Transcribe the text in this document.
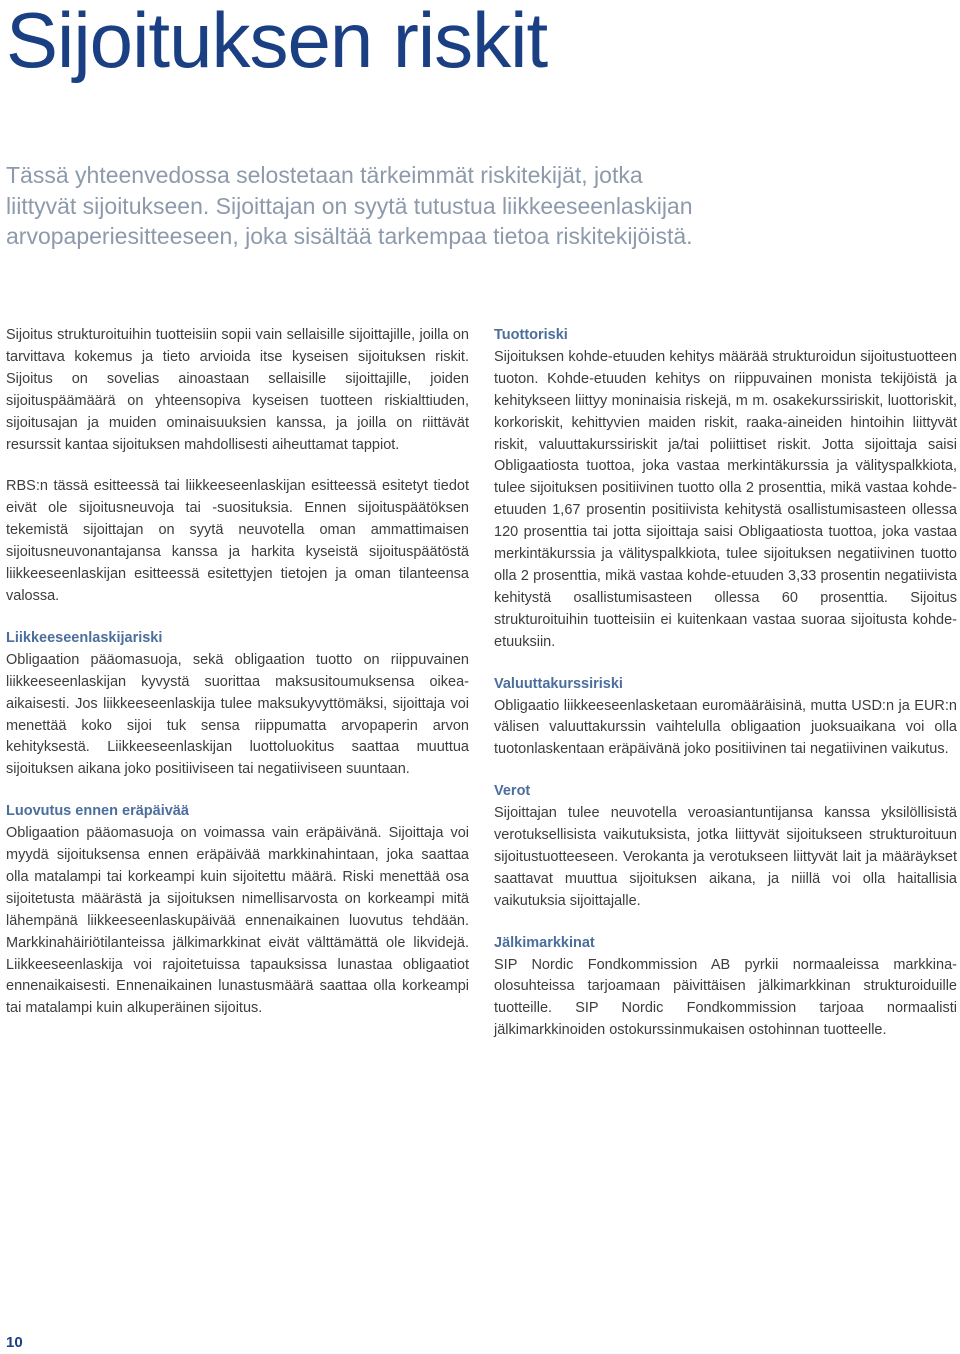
Sijoituksen riskit
Tässä yhteenvedossa selostetaan tärkeimmät riskitekijät, jotka
liittyvät sijoitukseen. Sijoittajan on syytä tutustua liikkeeseenlaskijan
arvopaperiesitteeseen, joka sisältää tarkempaa tietoa riskitekijöistä.

Sijoitus strukturoituihin tuotteisiin sopii vain sellaisille sijoittajille, joilla on tarvittava kokemus ja tieto arvioida itse kyseisen sijoituksen riskit. Sijoitus on sovelias ainoastaan sellaisille sijoittajille, joiden sijoituspäämäärä on yhteensopiva kyseisen tuotteen riskialttiuden, sijoitusajan ja muiden ominaisuuksien kanssa, ja joilla on riittävät resurssit kantaa sijoituksen mahdollisesti aiheuttamat tappiot.

RBS:n tässä esitteessä tai liikkeeseenlaskijan esitteessä esitetyt tiedot eivät ole sijoitusneuvoja tai -suosituksia. Ennen sijoituspäätöksen tekemistä sijoittajan on syytä neuvotella oman ammattimaisen sijoitusneuvonantajansa kanssa ja harkita kyseistä sijoituspäätöstä liikkeeseenlaskijan esitteessä esitettyjen tietojen ja oman tilanteensa valossa.

Liikkeeseenlaskijariski
Obligaation pääomasuoja, sekä obligaation tuotto on riippuvainen liikkeeseenlaskijan kyvystä suorittaa maksusitoumuksensa oikeaaikaisesti. Jos liikkeeseenlaskija tulee maksukyvyttömäksi, sijoittaja voi menettää koko sijoi tuk sensa riippumatta arvopaperin arvon kehityksestä. Liikkeeseenlaskijan luottoluokitus saattaa muuttua sijoituksen aikana joko positiiviseen tai negatiiviseen suuntaan.
Luovutus ennen eräpäivää
Obligaation pääomasuoja on voimassa vain eräpäivänä. Sijoittaja voi myydä sijoituksensa ennen eräpäivää markkinahintaan, joka saattaa olla matalampi tai korkeampi kuin sijoitettu määrä. Riski menettää osa sijoitetusta määrästä ja sijoituksen nimellisarvosta on korkeampi mitä lähempänä liikkeeseenlaskupäivää ennenaikainen luovutus tehdään. Markkinahäiriötilanteissa jälkimarkkinat eivät välttämättä ole likvidejä. Liikkeeseenlaskija voi rajoitetuissa tapauksissa lunastaa obligaatiot ennenaikaisesti. Ennenaikainen lunastusmäärä saattaa olla korkeampi tai matalampi kuin alkuperäinen sijoitus.
Tuottoriski
Sijoituksen kohde-etuuden kehitys määrää strukturoidun sijoitustuotteen tuoton. Kohde-etuuden kehitys on riippuvainen monista tekijöistä ja kehitykseen liittyy moninaisia riskejä, m m. osakekurssiriskit, luottoriskit, korkoriskit, kehittyvien maiden riskit, raaka-aineiden hintoihin liittyvät riskit, valuuttakurssiriskit ja/tai poliittiset riskit. Jotta sijoittaja saisi Obligaatiosta tuottoa, joka vastaa merkintäkurssia ja välityspalkkiota, tulee sijoituksen positiivinen tuotto olla 2 prosenttia, mikä vastaa kohde-etuuden 1,67 prosentin positiivista kehitystä osallistumisasteen ollessa 120 prosenttia tai jotta sijoittaja saisi Obligaatiosta tuottoa, joka vastaa merkintäkurssia ja välityspalkkiota, tulee sijoituksen negatiivinen tuotto olla 2 prosenttia, mikä vastaa kohde-etuuden 3,33 prosentin negatiivista kehitystä osallistumisasteen ollessa 60 prosenttia. Sijoitus strukturoituihin tuotteisiin ei kuitenkaan vastaa suoraa sijoitusta kohde-etuuksiin.
Valuuttakurssiriski
Obligaatio liikkeeseenlasketaan euromääräisinä, mutta USD:n ja EUR:n välisen valuuttakurssin vaihtelulla obligaation juoksuaikana voi olla tuotonlaskentaan eräpäivänä joko positiivinen tai negatiivinen vaikutus.
Verot
Sijoittajan tulee neuvotella veroasiantuntijansa kanssa yksilöllisistä verotuksellisista vaikutuksista, jotka liittyvät sijoitukseen strukturoituun sijoitustuotteeseen. Verokanta ja verotukseen liittyvät lait ja määräykset saattavat muuttua sijoituksen aikana, ja niillä voi olla haitallisia vaikutuksia sijoittajalle.
Jälkimarkkinat
SIP Nordic Fondkommission AB pyrkii normaaleissa markkinaolosuhteissa tarjoamaan päivittäisen jälkimarkkinan strukturoiduille tuotteille. SIP Nordic Fondkommission tarjoaa normaalisti jälkimarkkinoiden ostokurssinmukaisen ostohinnan tuotteelle.
10
